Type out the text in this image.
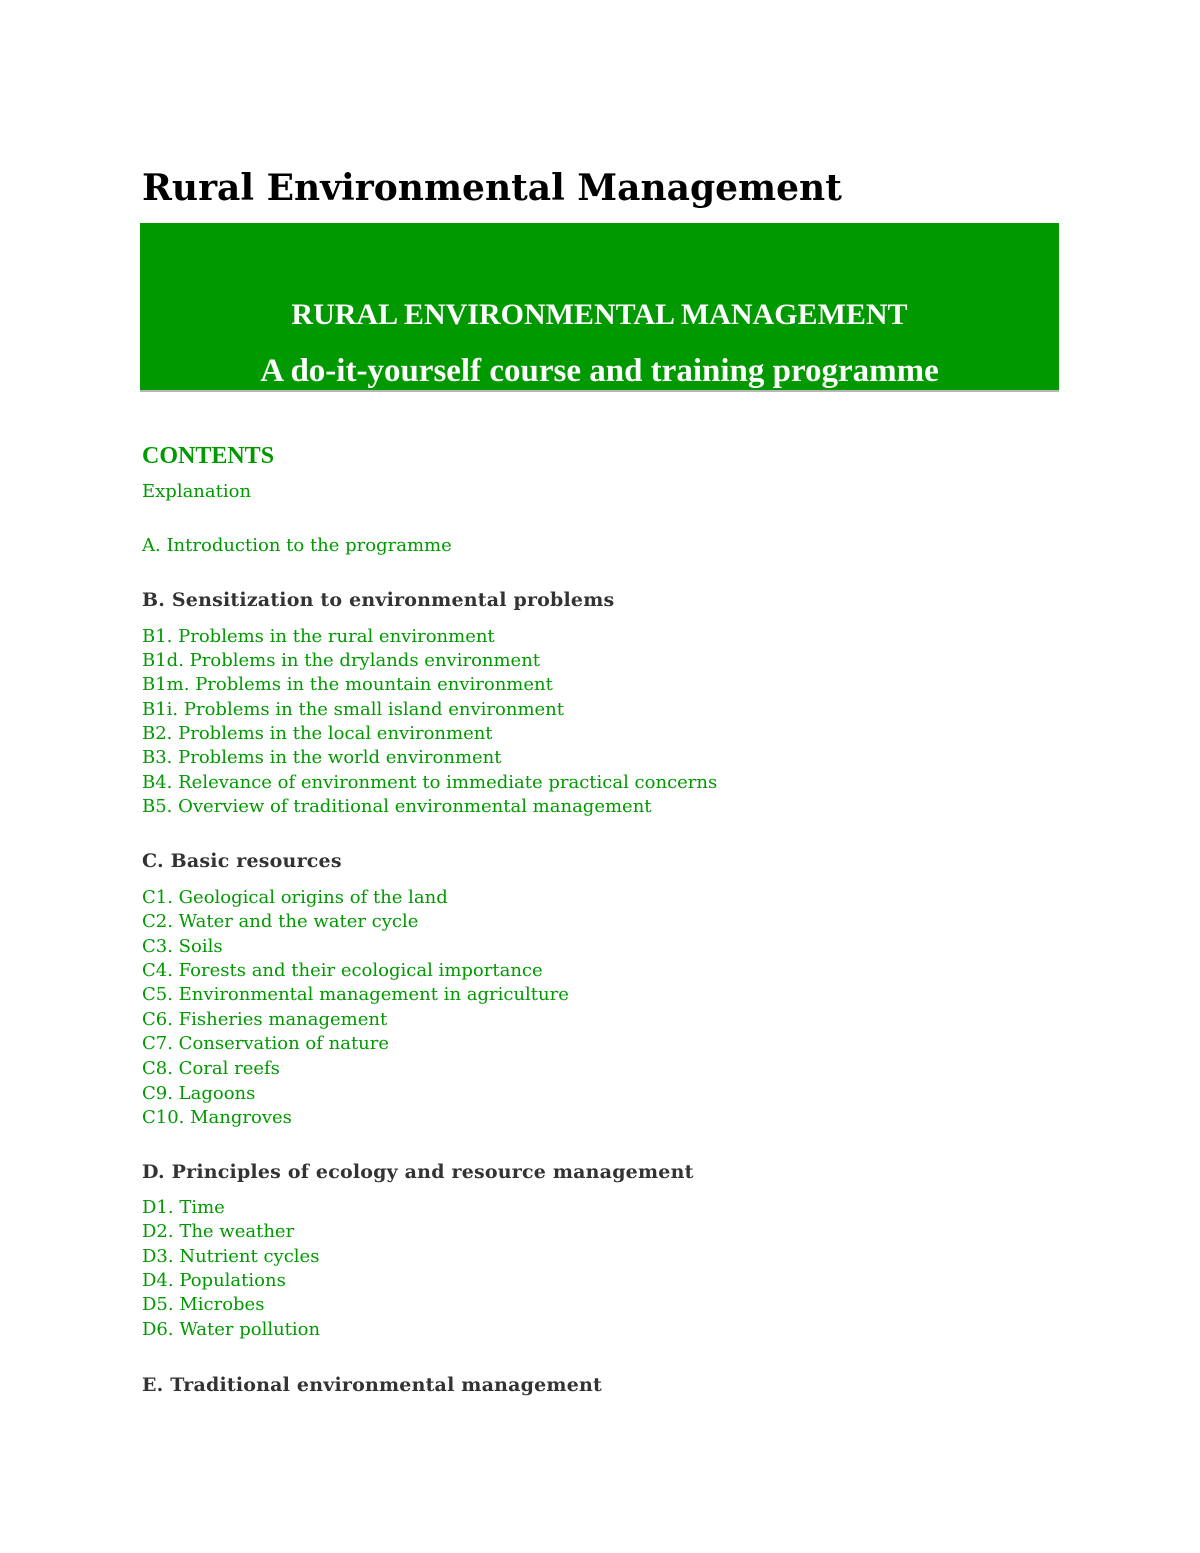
Rural Environmental Management
RURAL ENVIRONMENTAL MANAGEMENT
A do-it-yourself course and training programme
CONTENTS
Explanation
A. Introduction to the programme
B. Sensitization to environmental problems
B1. Problems in the rural environment
B1d. Problems in the drylands environment
B1m. Problems in the mountain environment
B1i. Problems in the small island environment
B2. Problems in the local environment
B3. Problems in the world environment
B4. Relevance of environment to immediate practical concerns
B5. Overview of traditional environmental management
C. Basic resources
C1. Geological origins of the land
C2. Water and the water cycle
C3. Soils
C4. Forests and their ecological importance
C5. Environmental management in agriculture
C6. Fisheries management
C7. Conservation of nature
C8. Coral reefs
C9. Lagoons
C10. Mangroves
D. Principles of ecology and resource management
D1. Time
D2. The weather
D3. Nutrient cycles
D4. Populations
D5. Microbes
D6. Water pollution
E. Traditional environmental management
